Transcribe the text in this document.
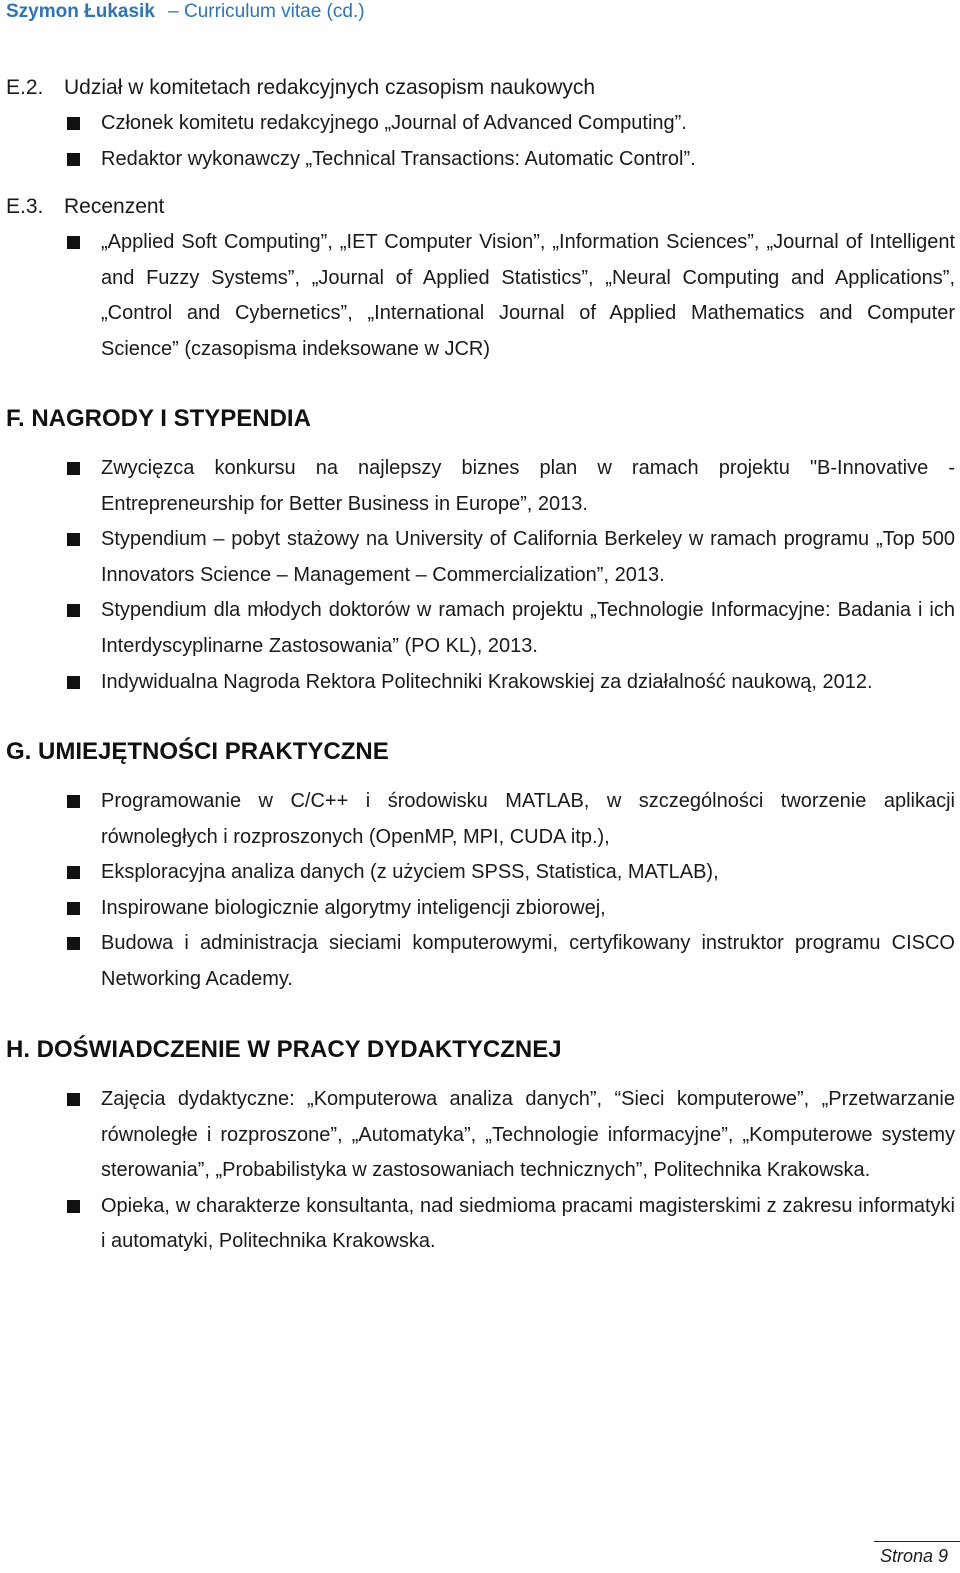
Szymon Łukasik – Curriculum vitae (cd.)
E.2. Udział w komitetach redakcyjnych czasopism naukowych
Członek komitetu redakcyjnego „Journal of Advanced Computing”.
Redaktor wykonawczy „Technical Transactions: Automatic Control”.
E.3. Recenzent
„Applied Soft Computing”, „IET Computer Vision”, „Information Sciences”, „Journal of Intelligent and Fuzzy Systems”, „Journal of Applied Statistics”, „Neural Computing and Applications”, „Control and Cybernetics”, „International Journal of Applied Mathematics and Computer Science” (czasopisma indeksowane w JCR)
F. NAGRODY I STYPENDIA
Zwycięzca konkursu na najlepszy biznes plan w ramach projektu "B-Innovative - Entrepreneurship for Better Business in Europe”, 2013.
Stypendium – pobyt stażowy na University of California Berkeley w ramach programu „Top 500 Innovators Science – Management – Commercialization”, 2013.
Stypendium dla młodych doktorów w ramach projektu „Technologie Informacyjne: Badania i ich Interdyscyplinarne Zastosowania” (PO KL), 2013.
Indywidualna Nagroda Rektora Politechniki Krakowskiej za działalność naukową, 2012.
G. UMIEJĘTNOŚCI PRAKTYCZNE
Programowanie w C/C++ i środowisku MATLAB, w szczególności tworzenie aplikacji równoległych i rozproszonych (OpenMP, MPI, CUDA itp.),
Eksploracyjna analiza danych (z użyciem SPSS, Statistica, MATLAB),
Inspirowane biologicznie algorytmy inteligencji zbiorowej,
Budowa i administracja sieciami komputerowymi, certyfikowany instruktor programu CISCO Networking Academy.
H. DOŚWIADCZENIE W PRACY DYDAKTYCZNEJ
Zajęcia dydaktyczne: „Komputerowa analiza danych”, “Sieci komputerowe”, „Przetwarzanie równoległe i rozproszone”, „Automatyka”, „Technologie informacyjne”, „Komputerowe systemy sterowania”, „Probabilistyka w zastosowaniach technicznych”, Politechnika Krakowska.
Opieka, w charakterze konsultanta, nad siedmioma pracami magisterskimi z zakresu informatyki i automatyki, Politechnika Krakowska.
Strona 9
